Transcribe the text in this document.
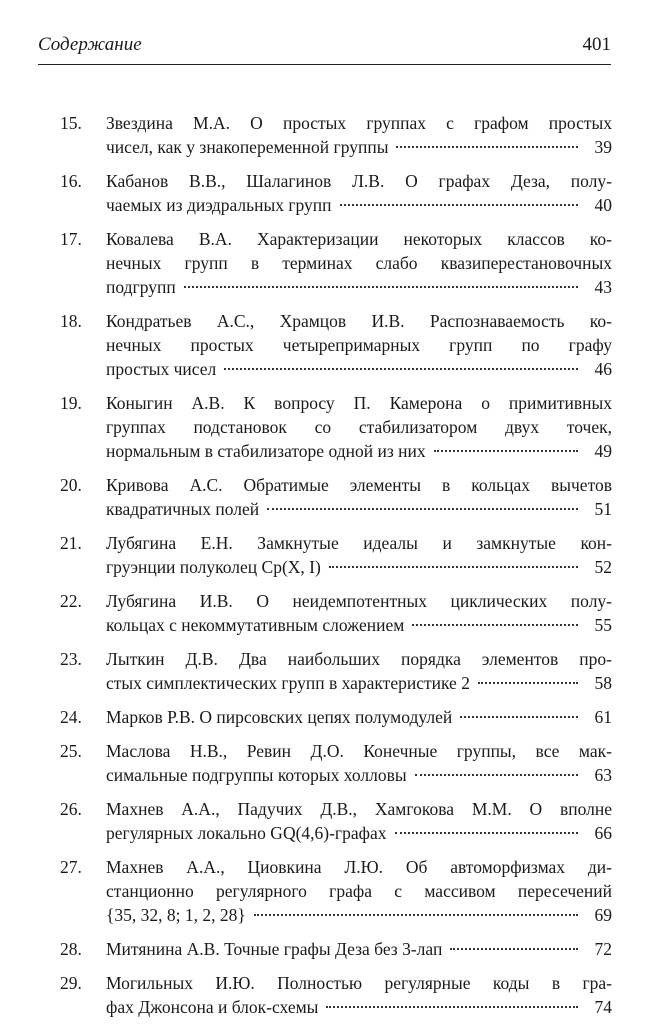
Содержание	401
15.	Звездина М.А. О простых группах с графом простых
чисел, как у знакопеременной группы	39
16.	Кабанов В.В., Шалагинов Л.В. О графах Деза, полу-
чаемых из диэдральных групп	40
17.	Ковалева В.А. Характеризации некоторых классов ко-
нечных групп в терминах слабо квазиперестановочных
подгрупп	43
18.	Кондратьев А.С., Храмцов И.В. Распознаваемость ко-
нечных простых четырепримарных групп по графу
простых чисел	46
19.	Коныгин А.В. К вопросу П. Камерона о примитивных
группах подстановок со стабилизатором двух точек,
нормальным в стабилизаторе одной из них	49
20.	Кривова А.С. Обратимые элементы в кольцах вычетов
квадратичных полей	51
21.	Лубягина Е.Н. Замкнутые идеалы и замкнутые кон-
груэнции полуколец Cp(X, I)	52
22.	Лубягина И.В. О неидемпотентных циклических полу-
кольцах с некоммутативным сложением	55
23.	Лыткин Д.В. Два наибольших порядка элементов про-
стых симплектических групп в характеристике 2	58
24.	Марков Р.В. О пирсовских цепях полумодулей	61
25.	Маслова Н.В., Ревин Д.О. Конечные группы, все мак-
симальные подгруппы которых холловы	63
26.	Махнев А.А., Падучих Д.В., Хамгокова М.М. О вполне
регулярных локально GQ(4,6)-графах	66
27.	Махнев А.А., Циовкина Л.Ю. Об автоморфизмах ди-
станционно регулярного графа с массивом пересечений
{35, 32, 8; 1, 2, 28}	69
28.	Митянина А.В. Точные графы Деза без 3-лап	72
29.	Могильных И.Ю. Полностью регулярные коды в гра-
фах Джонсона и блок-схемы	74
